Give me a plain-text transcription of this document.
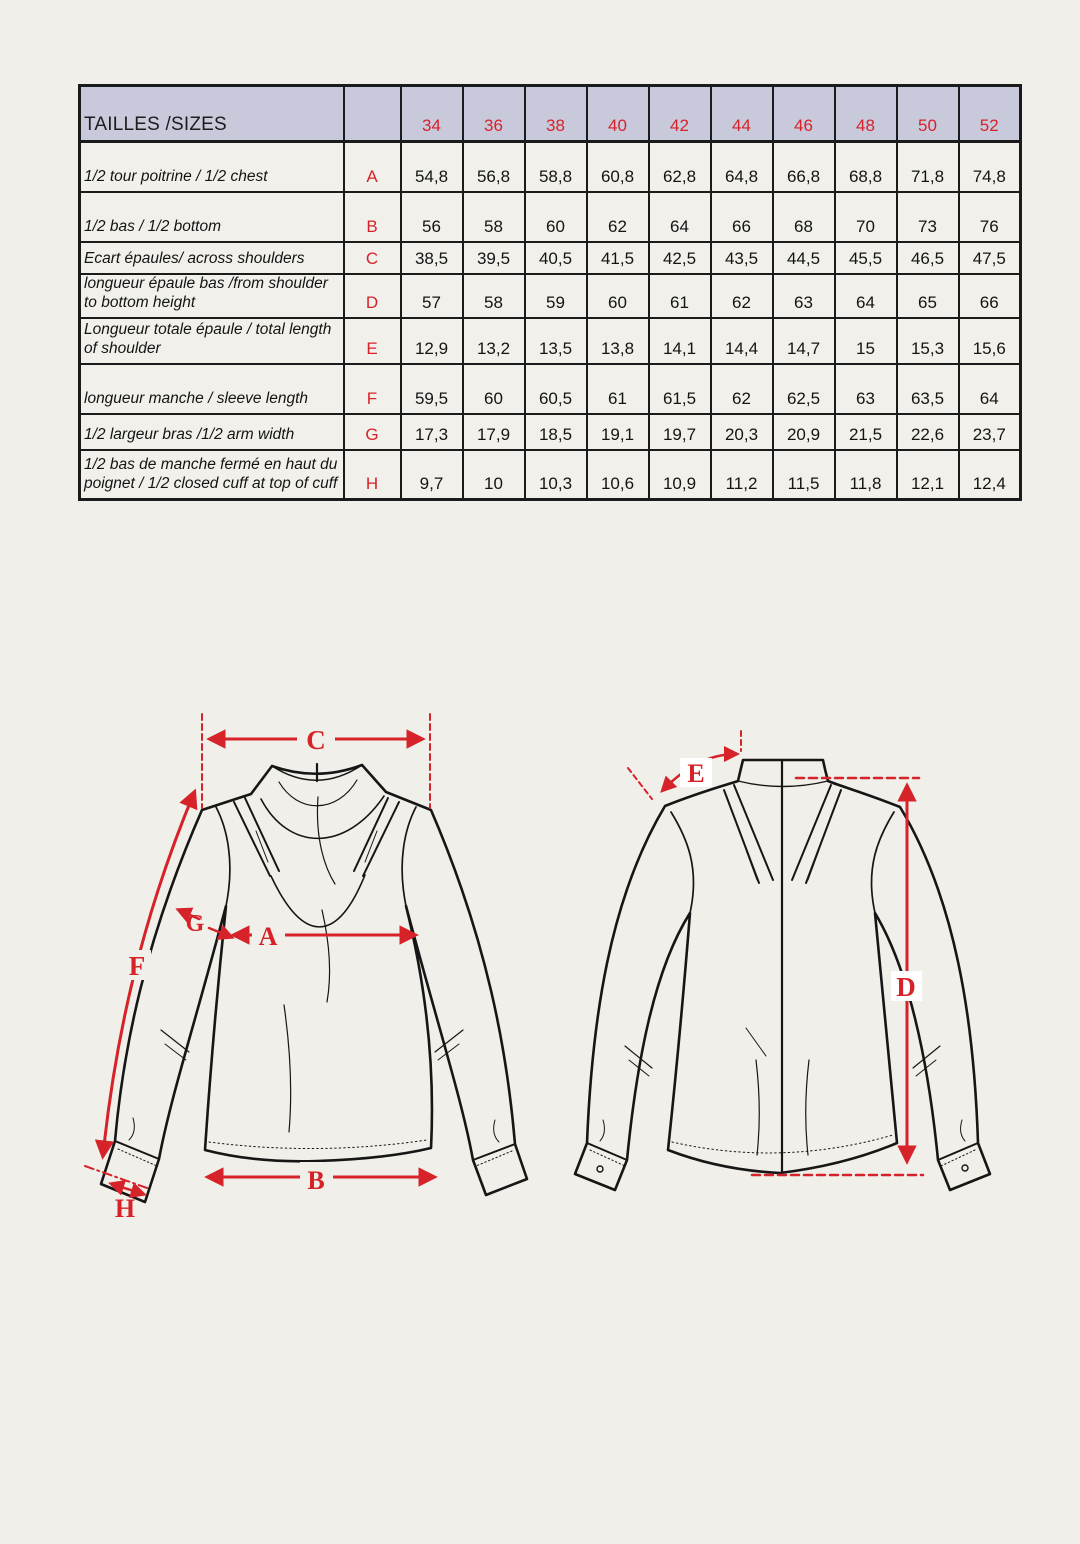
TAILLES /SIZES		34	36	38	40	42	44	46	48	50	52
1/2 tour poitrine / 1/2 chest	A	54,8	56,8	58,8	60,8	62,8	64,8	66,8	68,8	71,8	74,8
1/2 bas / 1/2 bottom	B	56	58	60	62	64	66	68	70	73	76
Ecart épaules/ across shoulders	C	38,5	39,5	40,5	41,5	42,5	43,5	44,5	45,5	46,5	47,5
longueur épaule bas /from shoulder to bottom height	D	57	58	59	60	61	62	63	64	65	66
Longueur totale épaule / total length of shoulder	E	12,9	13,2	13,5	13,8	14,1	14,4	14,7	15	15,3	15,6
longueur manche / sleeve length	F	59,5	60	60,5	61	61,5	62	62,5	63	63,5	64
1/2 largeur bras /1/2 arm width	G	17,3	17,9	18,5	19,1	19,7	20,3	20,9	21,5	22,6	23,7
1/2 bas de manche fermé en haut du poignet / 1/2 closed cuff at top of cuff	H	9,7	10	10,3	10,6	10,9	11,2	11,5	11,8	12,1	12,4
C
A
G
F
H
B
E
D
